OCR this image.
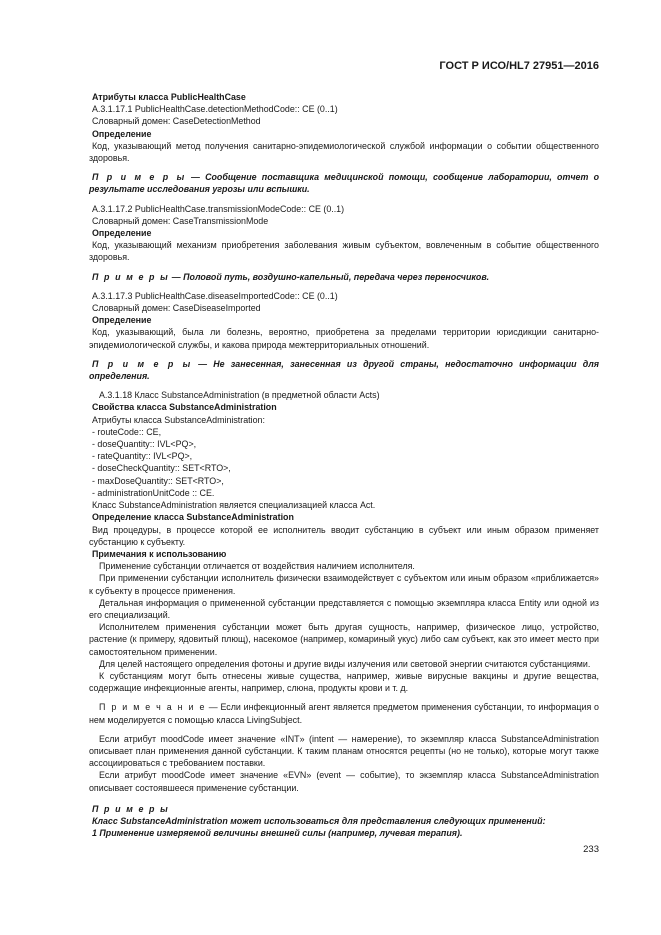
ГОСТ Р ИСО/HL7 27951—2016

Атрибуты класса PublicHealthCase

A.3.1.17.1 PublicHealthCase.detectionMethodCode:: CE (0..1)

Словарный домен: CaseDetectionMethod

Определение

Код, указывающий метод получения санитарно-эпидемиологической службой информации о событии общественного здоровья.

П р и м е р ы — Сообщение поставщика медицинской помощи, сообщение лаборатории, отчет о результате исследования угрозы или вспышки.

A.3.1.17.2 PublicHealthCase.transmissionModeCode:: CE (0..1)

Словарный домен: CaseTransmissionMode

Определение

Код, указывающий механизм приобретения заболевания живым субъектом, вовлеченным в событие общественного здоровья.

П р и м е р ы — Половой путь, воздушно-капельный, передача через переносчиков.

A.3.1.17.3 PublicHealthCase.diseaseImportedCode:: CE (0..1)

Словарный домен: CaseDiseaseImported

Определение

Код, указывающий, была ли болезнь, вероятно, приобретена за пределами территории юрисдикции санитарно-эпидемиологической службы, и какова природа межтерриториальных отношений.

П р и м е р ы — Не занесенная, занесенная из другой страны, недостаточно информации для определения.

A.3.1.18 Класс SubstanceAdministration (в предметной области Acts)

Свойства класса SubstanceAdministration

Атрибуты класса SubstanceAdministration:

- routeCode:: CE,
- doseQuantity:: IVL<PQ>,
- rateQuantity:: IVL<PQ>,
- doseCheckQuantity:: SET<RTO>,
- maxDoseQuantity:: SET<RTO>,
- administrationUnitCode :: CE.

Класс SubstanceAdministration является специализацией класса Act.

Определение класса SubstanceAdministration

Вид процедуры, в процессе которой ее исполнитель вводит субстанцию в субъект или иным образом применяет субстанцию к субъекту.

Примечания к использованию

Применение субстанции отличается от воздействия наличием исполнителя.

При применении субстанции исполнитель физически взаимодействует с субъектом или иным образом «приближается» к субъекту в процессе применения.

Детальная информация о примененной субстанции представляется с помощью экземпляра класса Entity или одной из его специализаций.

Исполнителем применения субстанции может быть другая сущность, например, физическое лицо, устройство, растение (к примеру, ядовитый плющ), насекомое (например, комариный укус) либо сам субъект, как это имеет место при самостоятельном применении.

Для целей настоящего определения фотоны и другие виды излучения или световой энергии считаются субстанциями.

К субстанциям могут быть отнесены живые существа, например, живые вирусные вакцины и другие вещества, содержащие инфекционные агенты, например, слюна, продукты крови и т. д.

П р и м е ч а н и е — Если инфекционный агент является предметом применения субстанции, то информация о нем моделируется с помощью класса LivingSubject.

Если атрибут moodCode имеет значение «INT» (intent — намерение), то экземпляр класса SubstanceAdministration описывает план применения данной субстанции. К таким планам относятся рецепты (но не только), которые могут также ассоциироваться с требованием поставки.

Если атрибут moodCode имеет значение «EVN» (event — событие), то экземпляр класса SubstanceAdministration описывает состоявшееся применение субстанции.

П р и м е р ы

Класс SubstanceAdministration может использоваться для представления следующих применений:

1 Применение измеряемой величины внешней силы (например, лучевая терапия).

233
